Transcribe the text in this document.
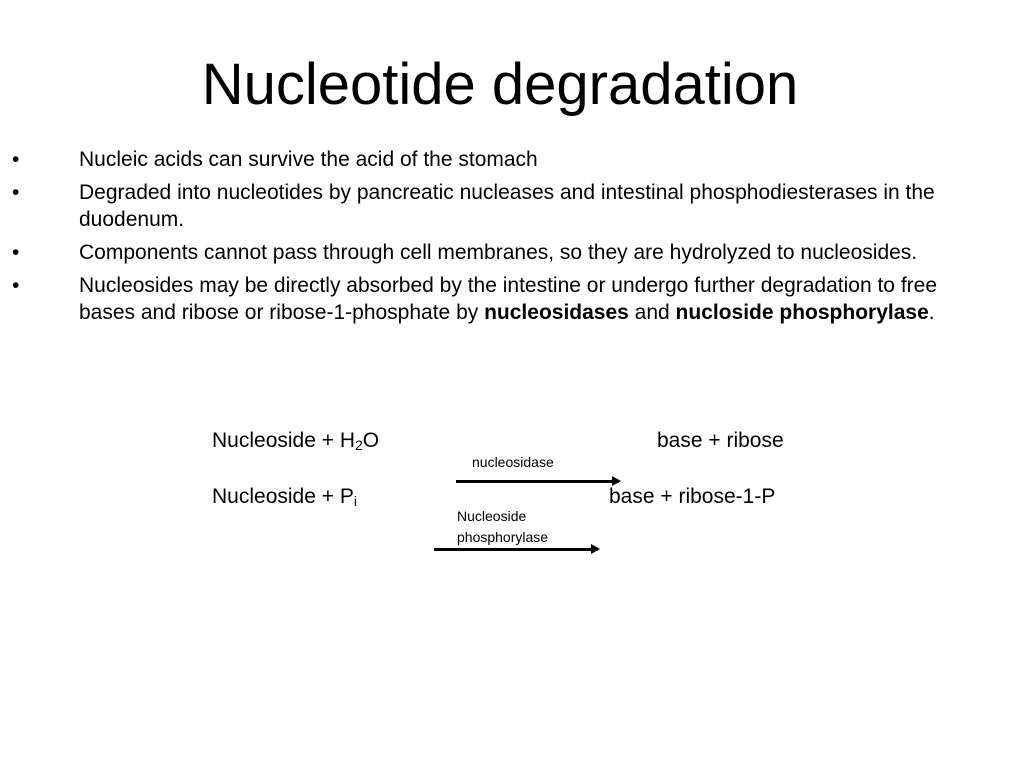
Nucleotide degradation
•	Nucleic acids can survive the acid of the stomach
•	Degraded into nucleotides by pancreatic nucleases and intestinal phosphodiesterases in the duodenum.
•	Components cannot pass through cell membranes, so they are hydrolyzed to nucleosides.
•	Nucleosides may be directly absorbed by the intestine or undergo further degradation to free bases and ribose or ribose-1-phosphate by nucleosidases and nucloside phosphorylase.
Nucleoside + $H_2O$	base + ribose
nucleosidase
Nucleoside + $P_i$	base + ribose-1-P
Nucleoside
phosphorylase
